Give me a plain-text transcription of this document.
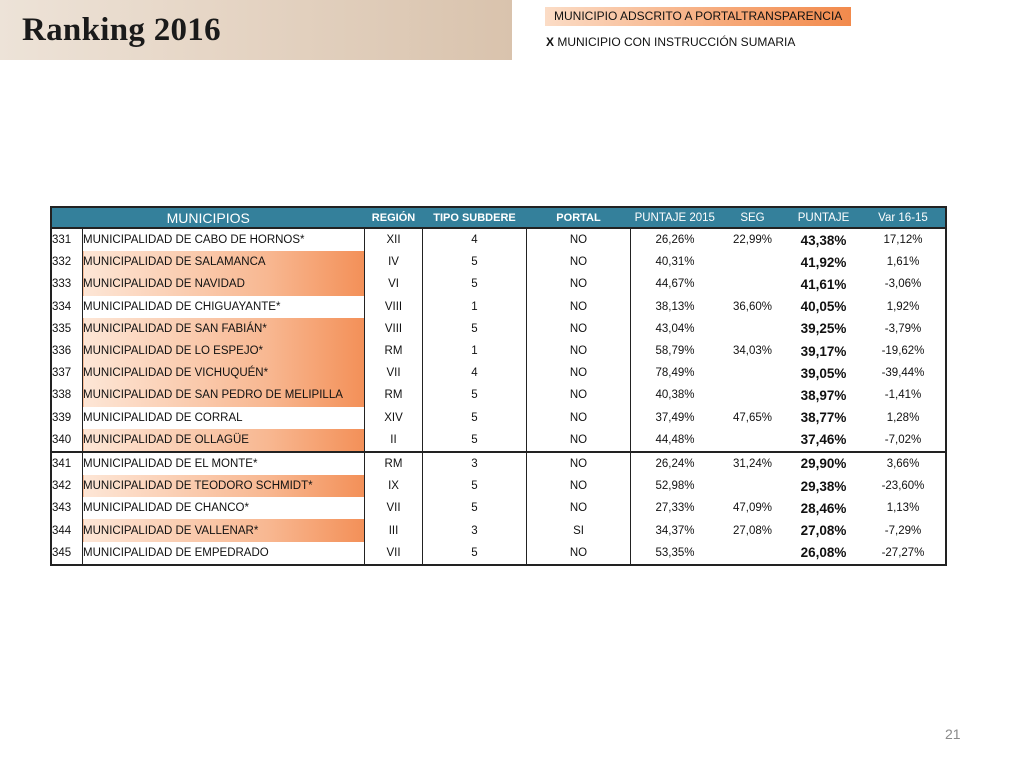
Ranking 2016	MUNICIPIO ADSCRITO A PORTALTRANSPARENCIA
X MUNICIPIO CON INSTRUCCIÓN SUMARIA
MUNICIPIOS		REGIÓN	TIPO SUBDERE	PORTAL	PUNTAJE 2015	SEG	PUNTAJE	Var 16-15
331	MUNICIPALIDAD DE CABO DE HORNOS*	XII	4	NO	26,26%	22,99%	43,38%	17,12%
332	MUNICIPALIDAD DE SALAMANCA	IV	5	NO	40,31%		41,92%	1,61%
333	MUNICIPALIDAD DE NAVIDAD	VI	5	NO	44,67%		41,61%	-3,06%
334	MUNICIPALIDAD DE CHIGUAYANTE*	VIII	1	NO	38,13%	36,60%	40,05%	1,92%
335	MUNICIPALIDAD DE SAN FABIÁN*	VIII	5	NO	43,04%		39,25%	-3,79%
336	MUNICIPALIDAD DE LO ESPEJO*	RM	1	NO	58,79%	34,03%	39,17%	-19,62%
337	MUNICIPALIDAD DE VICHUQUÉN*	VII	4	NO	78,49%		39,05%	-39,44%
338	MUNICIPALIDAD DE SAN PEDRO DE MELIPILLA	RM	5	NO	40,38%		38,97%	-1,41%
339	MUNICIPALIDAD DE CORRAL	XIV	5	NO	37,49%	47,65%	38,77%	1,28%
340	MUNICIPALIDAD DE OLLAGÜE	II	5	NO	44,48%		37,46%	-7,02%
341	MUNICIPALIDAD DE EL MONTE*	RM	3	NO	26,24%	31,24%	29,90%	3,66%
342	MUNICIPALIDAD DE TEODORO SCHMIDT*	IX	5	NO	52,98%		29,38%	-23,60%
343	MUNICIPALIDAD DE CHANCO*	VII	5	NO	27,33%	47,09%	28,46%	1,13%
344	MUNICIPALIDAD DE VALLENAR*	III	3	SI	34,37%	27,08%	27,08%	-7,29%
345	MUNICIPALIDAD DE EMPEDRADO	VII	5	NO	53,35%		26,08%	-27,27%
21
